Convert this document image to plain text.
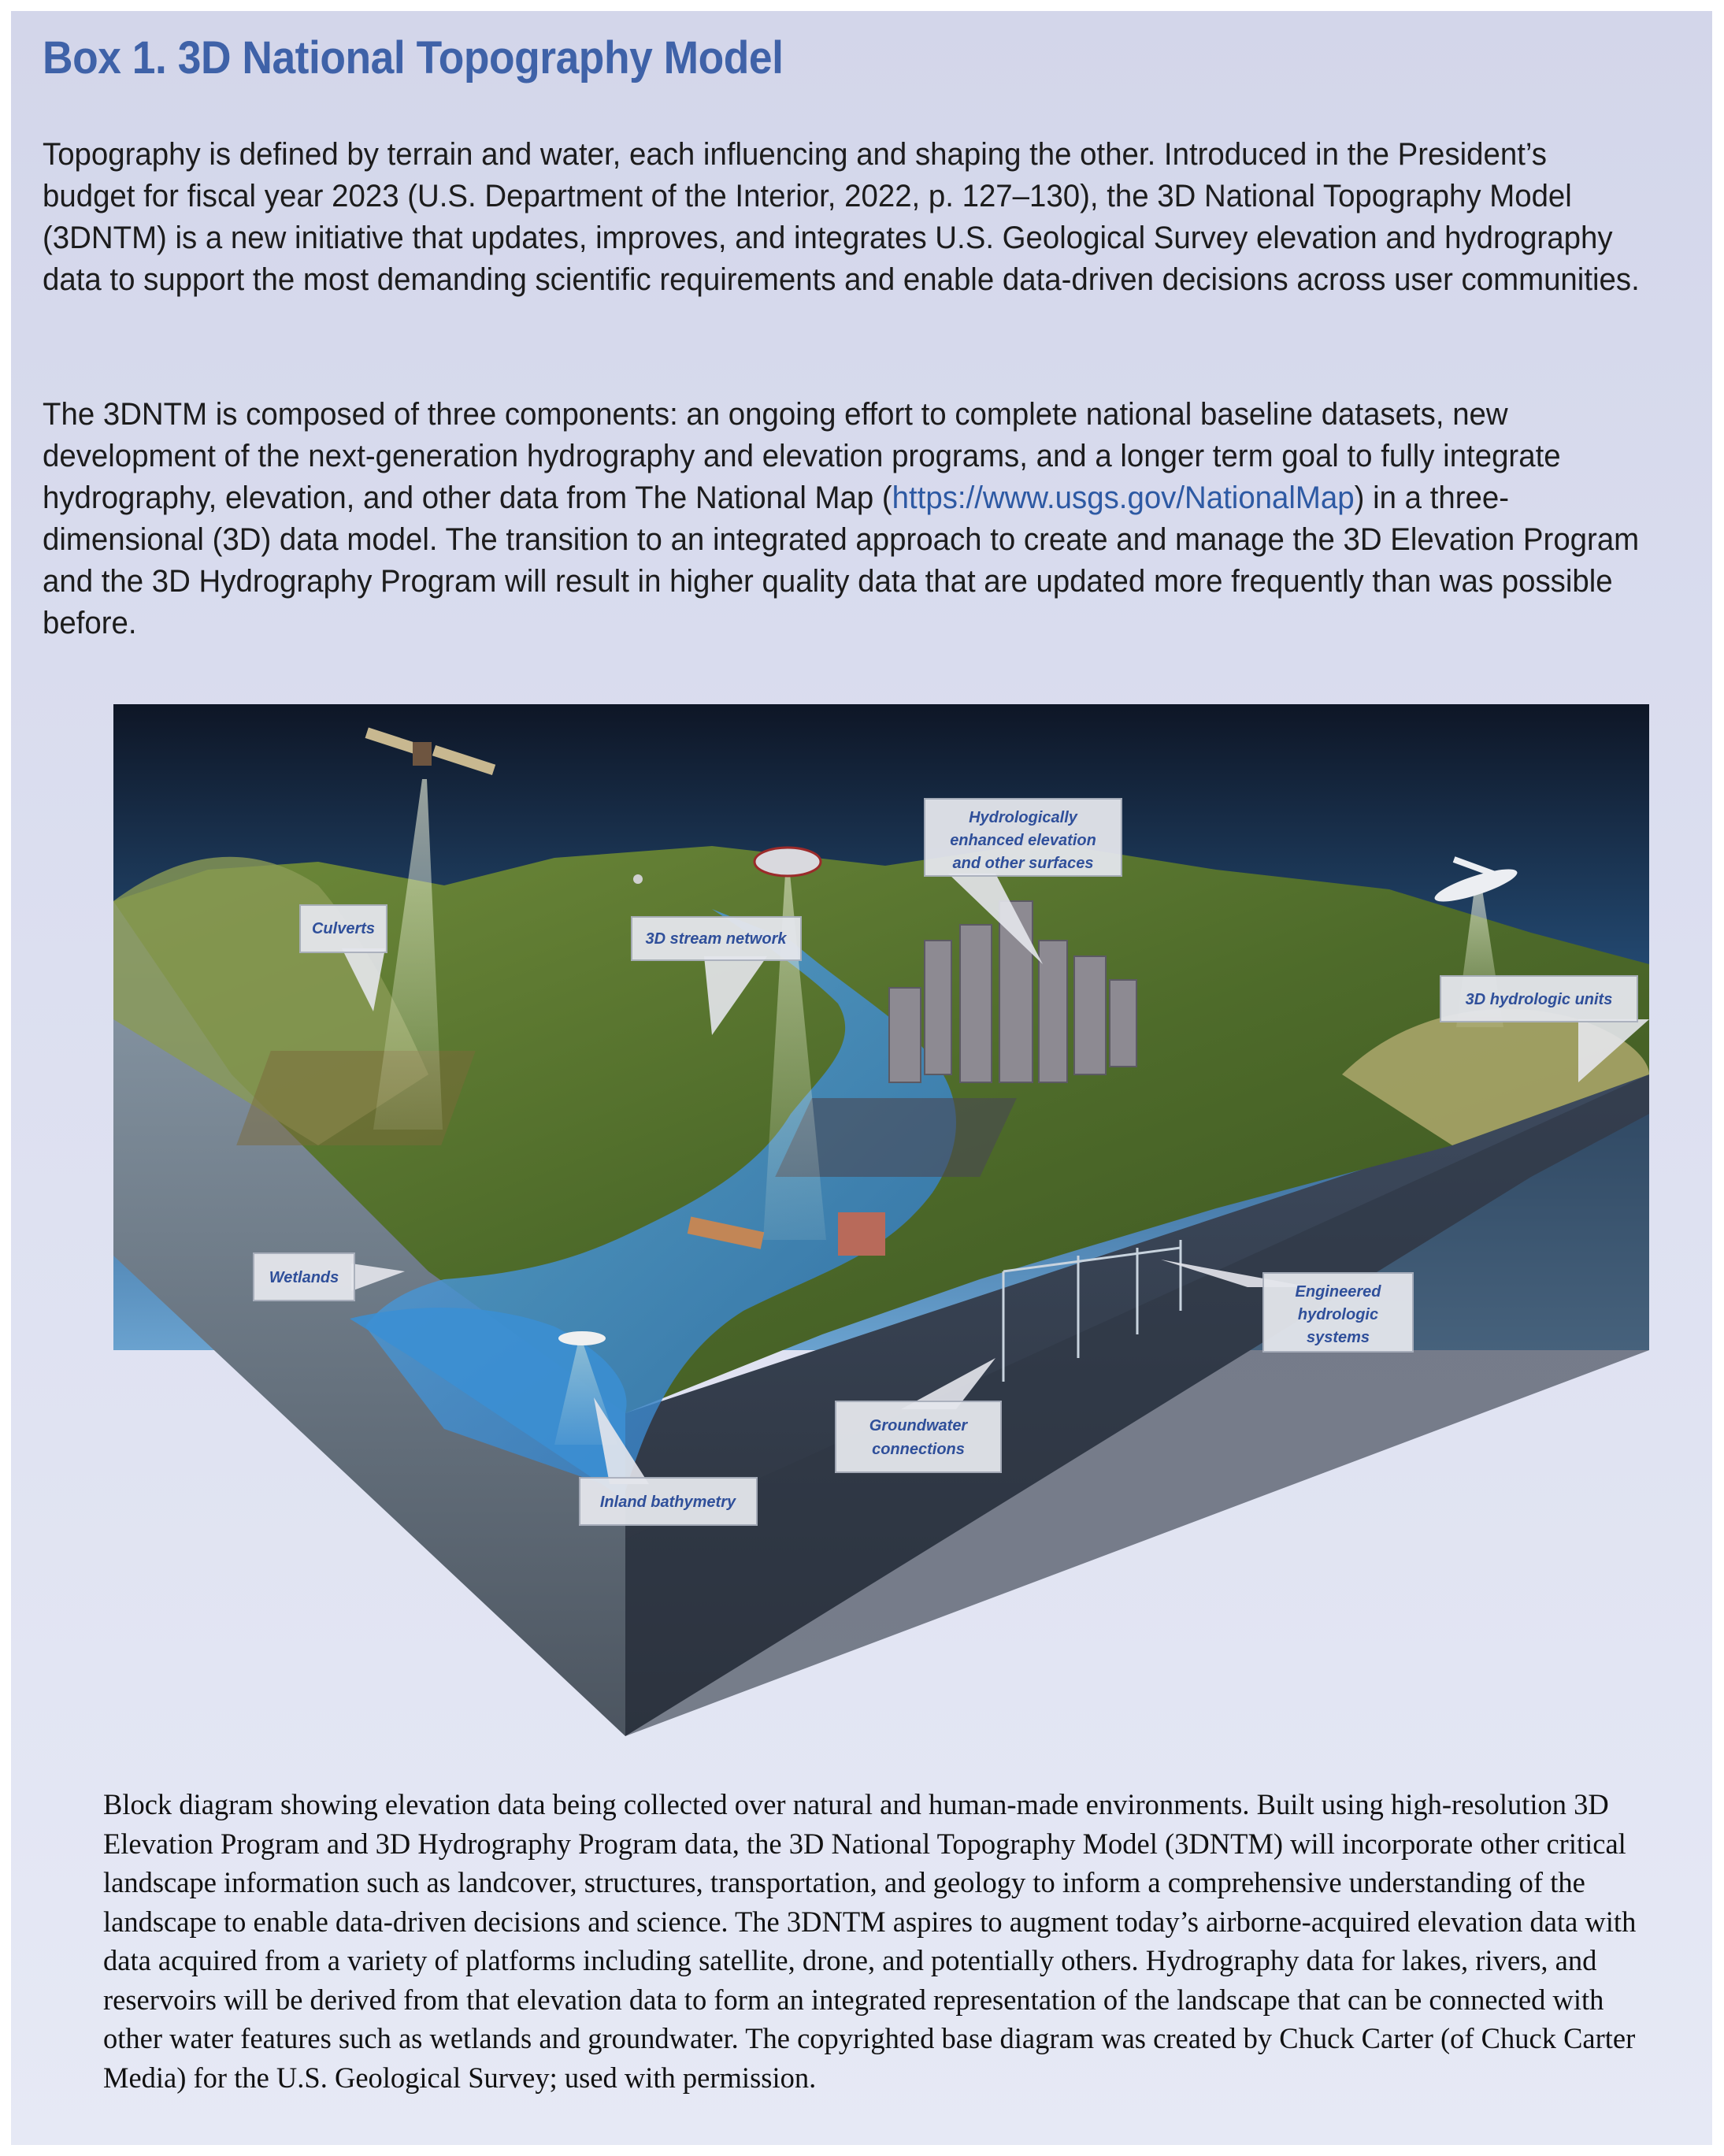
Box 1. 3D National Topography Model

Topography is defined by terrain and water, each influencing and shaping the other. Introduced in the President’s budget for fiscal year 2023 (U.S. Department of the Interior, 2022, p. 127–130), the 3D National Topography Model (3DNTM) is a new initiative that updates, improves, and integrates U.S. Geological Survey elevation and hydrography data to support the most demanding scientific requirements and enable data-driven decisions across user communities.

The 3DNTM is composed of three components: an ongoing effort to complete national baseline datasets, new development of the next-generation hydrography and elevation programs, and a longer term goal to fully integrate hydrography, elevation, and other data from The National Map (https://www.usgs.gov/NationalMap) in a three-dimensional (3D) data model. The transition to an integrated approach to create and manage the 3D Elevation Program and the 3D Hydrography Program will result in higher quality data that are updated more frequently than was possible before.

Culverts
3D stream network
Hydrologically
enhanced elevation
and other surfaces
3D hydrologic units
Wetlands
Engineered
hydrologic
systems
Groundwater
connections
Inland bathymetry

Block diagram showing elevation data being collected over natural and human-made environments. Built using high-resolution 3D Elevation Program and 3D Hydrography Program data, the 3D National Topography Model (3DNTM) will incorporate other critical landscape information such as landcover, structures, transportation, and geology to inform a comprehensive understanding of the landscape to enable data-driven decisions and science. The 3DNTM aspires to augment today’s airborne-acquired elevation data with data acquired from a variety of platforms including satellite, drone, and potentially others. Hydrography data for lakes, rivers, and reservoirs will be derived from that elevation data to form an integrated representation of the landscape that can be connected with other water features such as wetlands and groundwater. The copyrighted base diagram was created by Chuck Carter (of Chuck Carter Media) for the U.S. Geological Survey; used with permission.
